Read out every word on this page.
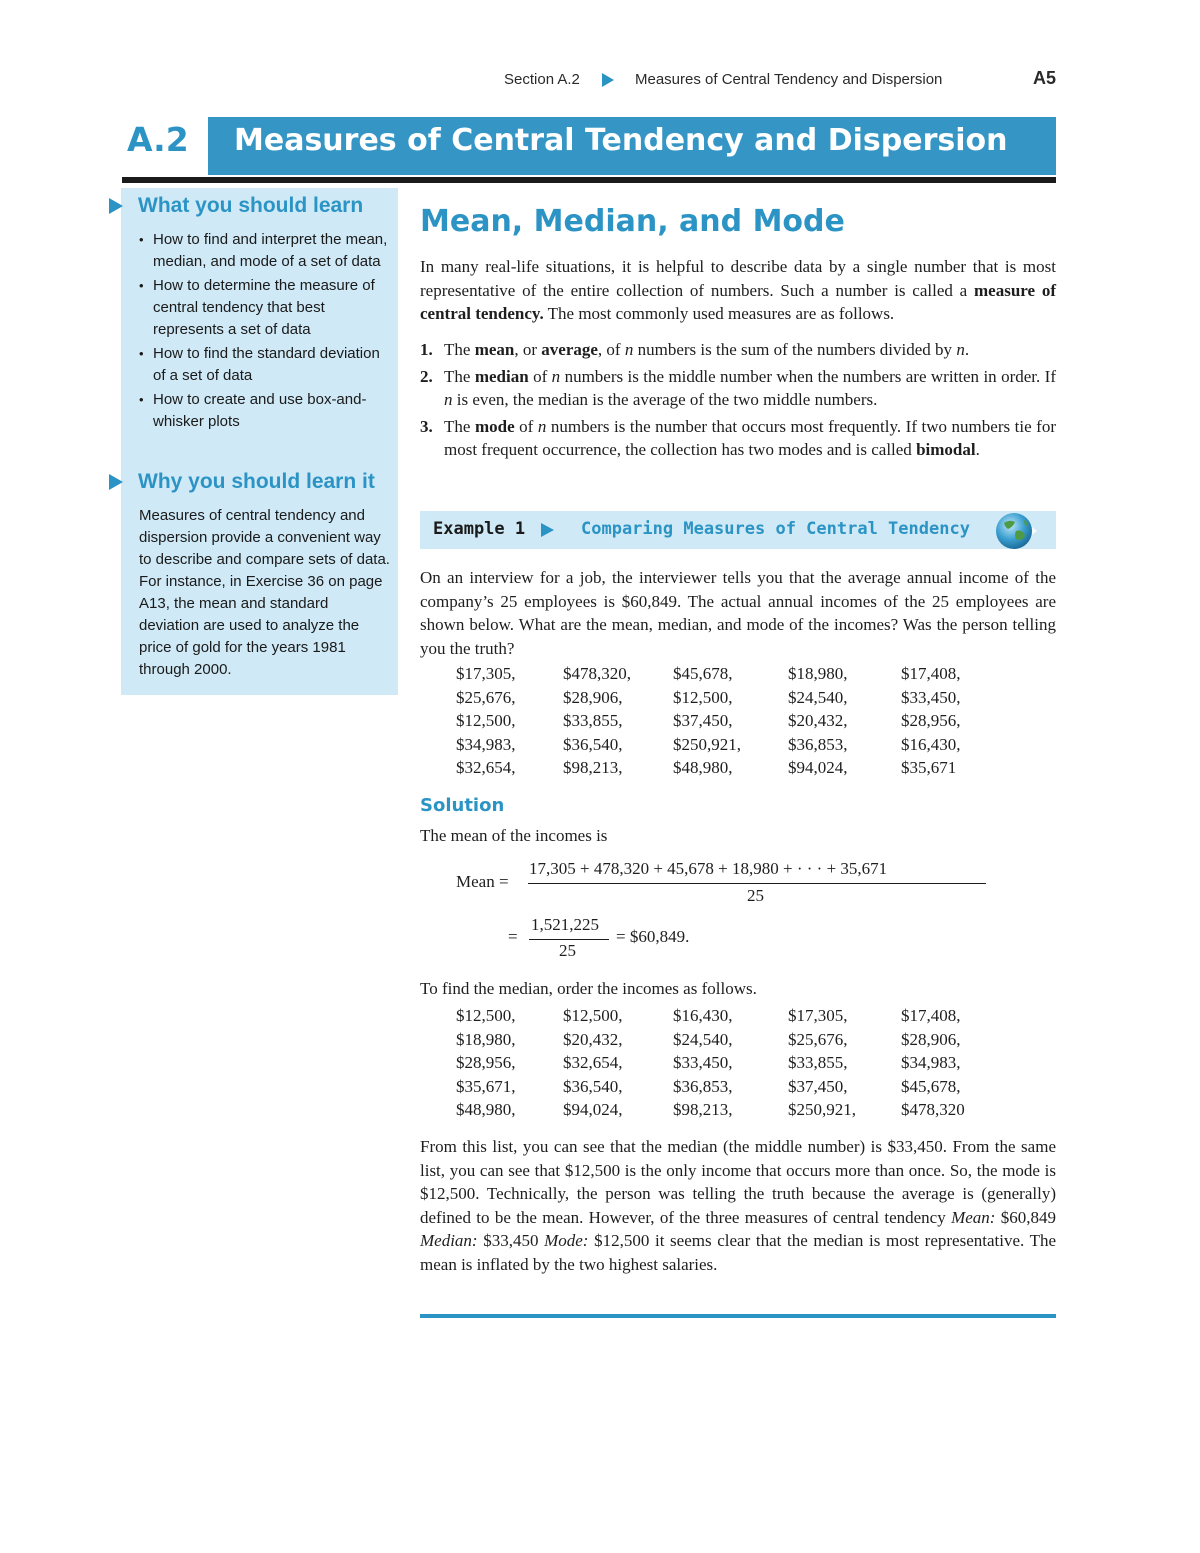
Section A.2	Measures of Central Tendency and Dispersion	A5
A.2 Measures of Central Tendency and Dispersion
What you should learn
• How to find and interpret the mean, median, and mode of a set of data
• How to determine the measure of central tendency that best represents a set of data
• How to find the standard deviation of a set of data
• How to create and use box-and-whisker plots
Why you should learn it
Measures of central tendency and dispersion provide a convenient way to describe and compare sets of data. For instance, in Exercise 36 on page A13, the mean and standard deviation are used to analyze the price of gold for the years 1981 through 2000.
Mean, Median, and Mode
In many real-life situations, it is helpful to describe data by a single number that is most representative of the entire collection of numbers. Such a number is called a measure of central tendency. The most commonly used measures are as follows.
1. The mean, or average, of n numbers is the sum of the numbers divided by n.
2. The median of n numbers is the middle number when the numbers are written in order. If n is even, the median is the average of the two middle numbers.
3. The mode of n numbers is the number that occurs most frequently. If two numbers tie for most frequent occurrence, the collection has two modes and is called bimodal.
Example 1	Comparing Measures of Central Tendency
On an interview for a job, the interviewer tells you that the average annual income of the company’s 25 employees is $60,849. The actual annual incomes of the 25 employees are shown below. What are the mean, median, and mode of the incomes? Was the person telling you the truth?
$17,305,	$478,320, $45,678,	$18,980,	$17,408,
$25,676,	$28,906,	$12,500,	$24,540,	$33,450,
$12,500,	$33,855,	$37,450,	$20,432,	$28,956,
$34,983,	$36,540,	$250,921,	$36,853,	$16,430,
$32,654,	$98,213,	$48,980,	$94,024,	$35,671
Solution
The mean of the incomes is
Mean =
17,305 + 478,320 + 45,678 + 18,980 + · · · + 35,671
25
=
1,521,225
25
= $60,849.
To find the median, order the incomes as follows.
$12,500,	$12,500,	$16,430,	$17,305,	$17,408,
$18,980,	$20,432,	$24,540,	$25,676,	$28,906,
$28,956,	$32,654,	$33,450,	$33,855,	$34,983,
$35,671,	$36,540,	$36,853,	$37,450,	$45,678,
$48,980,	$94,024,	$98,213,	$250,921,	$478,320
From this list, you can see that the median (the middle number) is $33,450. From the same list, you can see that $12,500 is the only income that occurs more than once. So, the mode is $12,500. Technically, the person was telling the truth because the average is (generally) defined to be the mean. However, of the three measures of central tendency Mean: $60,849 Median: $33,450 Mode: $12,500 it seems clear that the median is most representative. The mean is inflated by the two highest salaries.
